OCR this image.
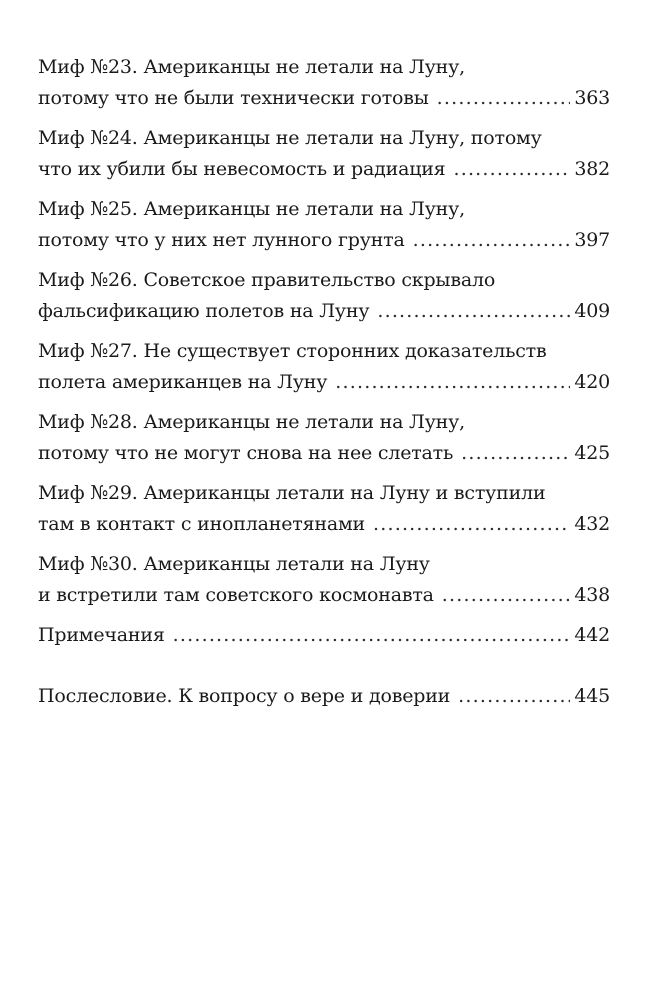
Миф №23. Американцы не летали на Луну,
потому что не были технически готовы .....	363
Миф №24. Американцы не летали на Луну, потому
что их убили бы невесомость и радиация .....	382
Миф №25. Американцы не летали на Луну,
потому что у них нет лунного грунта .....	397
Миф №26. Советское правительство скрывало
фальсификацию полетов на Луну .....	409
Миф №27. Не существует сторонних доказательств
полета американцев на Луну .....	420
Миф №28. Американцы не летали на Луну,
потому что не могут снова на нее слетать .....	425
Миф №29. Американцы летали на Луну и вступили
там в контакт с инопланетянами .....	432
Миф №30. Американцы летали на Луну
и встретили там советского космонавта .....	438
Примечания .....	442
Послесловие. К вопросу о вере и доверии .....	445
